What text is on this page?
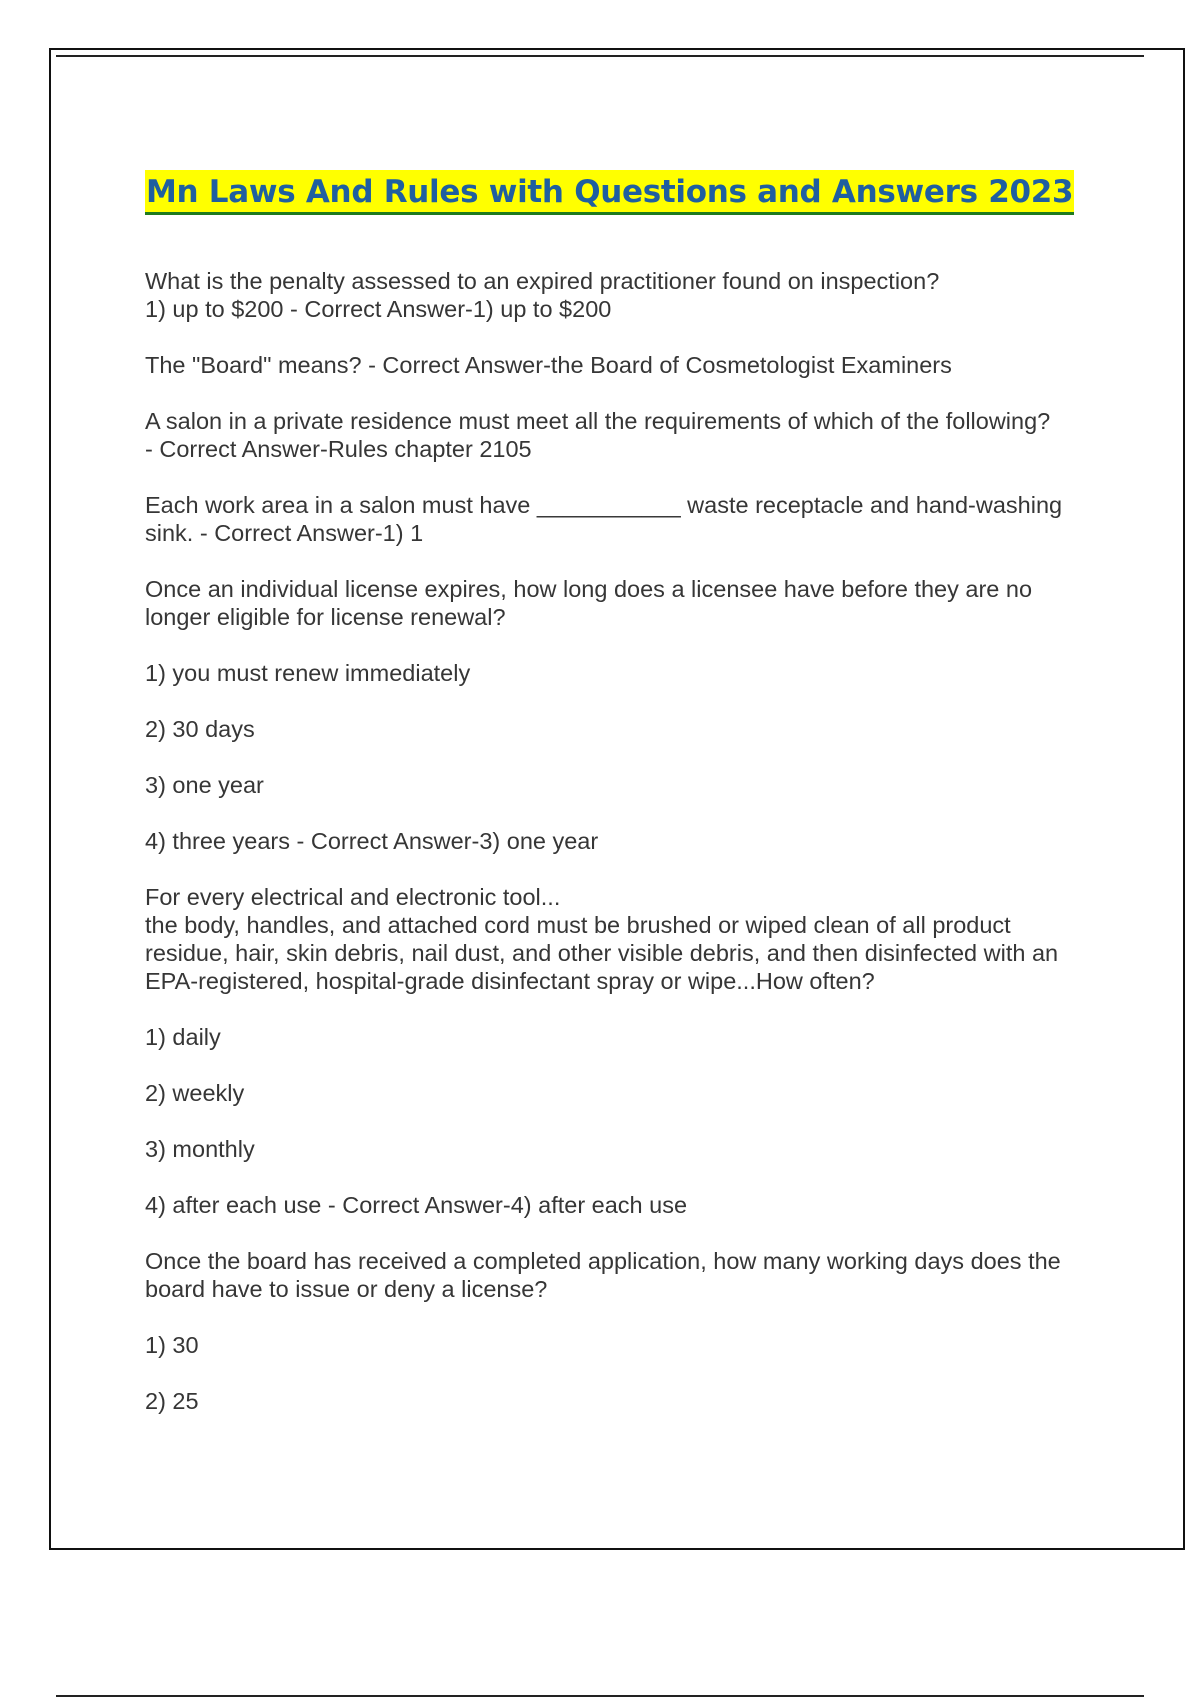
Mn Laws And Rules with Questions and Answers 2023
What is the penalty assessed to an expired practitioner found on inspection?
1) up to $200 - Correct Answer-1) up to $200
The "Board" means? - Correct Answer-the Board of Cosmetologist Examiners
A salon in a private residence must meet all the requirements of which of the following?
- Correct Answer-Rules chapter 2105
Each work area in a salon must have ___________ waste receptacle and hand-washing
sink. - Correct Answer-1) 1
Once an individual license expires, how long does a licensee have before they are no
longer eligible for license renewal?
1) you must renew immediately
2) 30 days
3) one year
4) three years - Correct Answer-3) one year
For every electrical and electronic tool...
the body, handles, and attached cord must be brushed or wiped clean of all product
residue, hair, skin debris, nail dust, and other visible debris, and then disinfected with an
EPA-registered, hospital-grade disinfectant spray or wipe...How often?
1) daily
2) weekly
3) monthly
4) after each use - Correct Answer-4) after each use
Once the board has received a completed application, how many working days does the
board have to issue or deny a license?
1) 30
2) 25
